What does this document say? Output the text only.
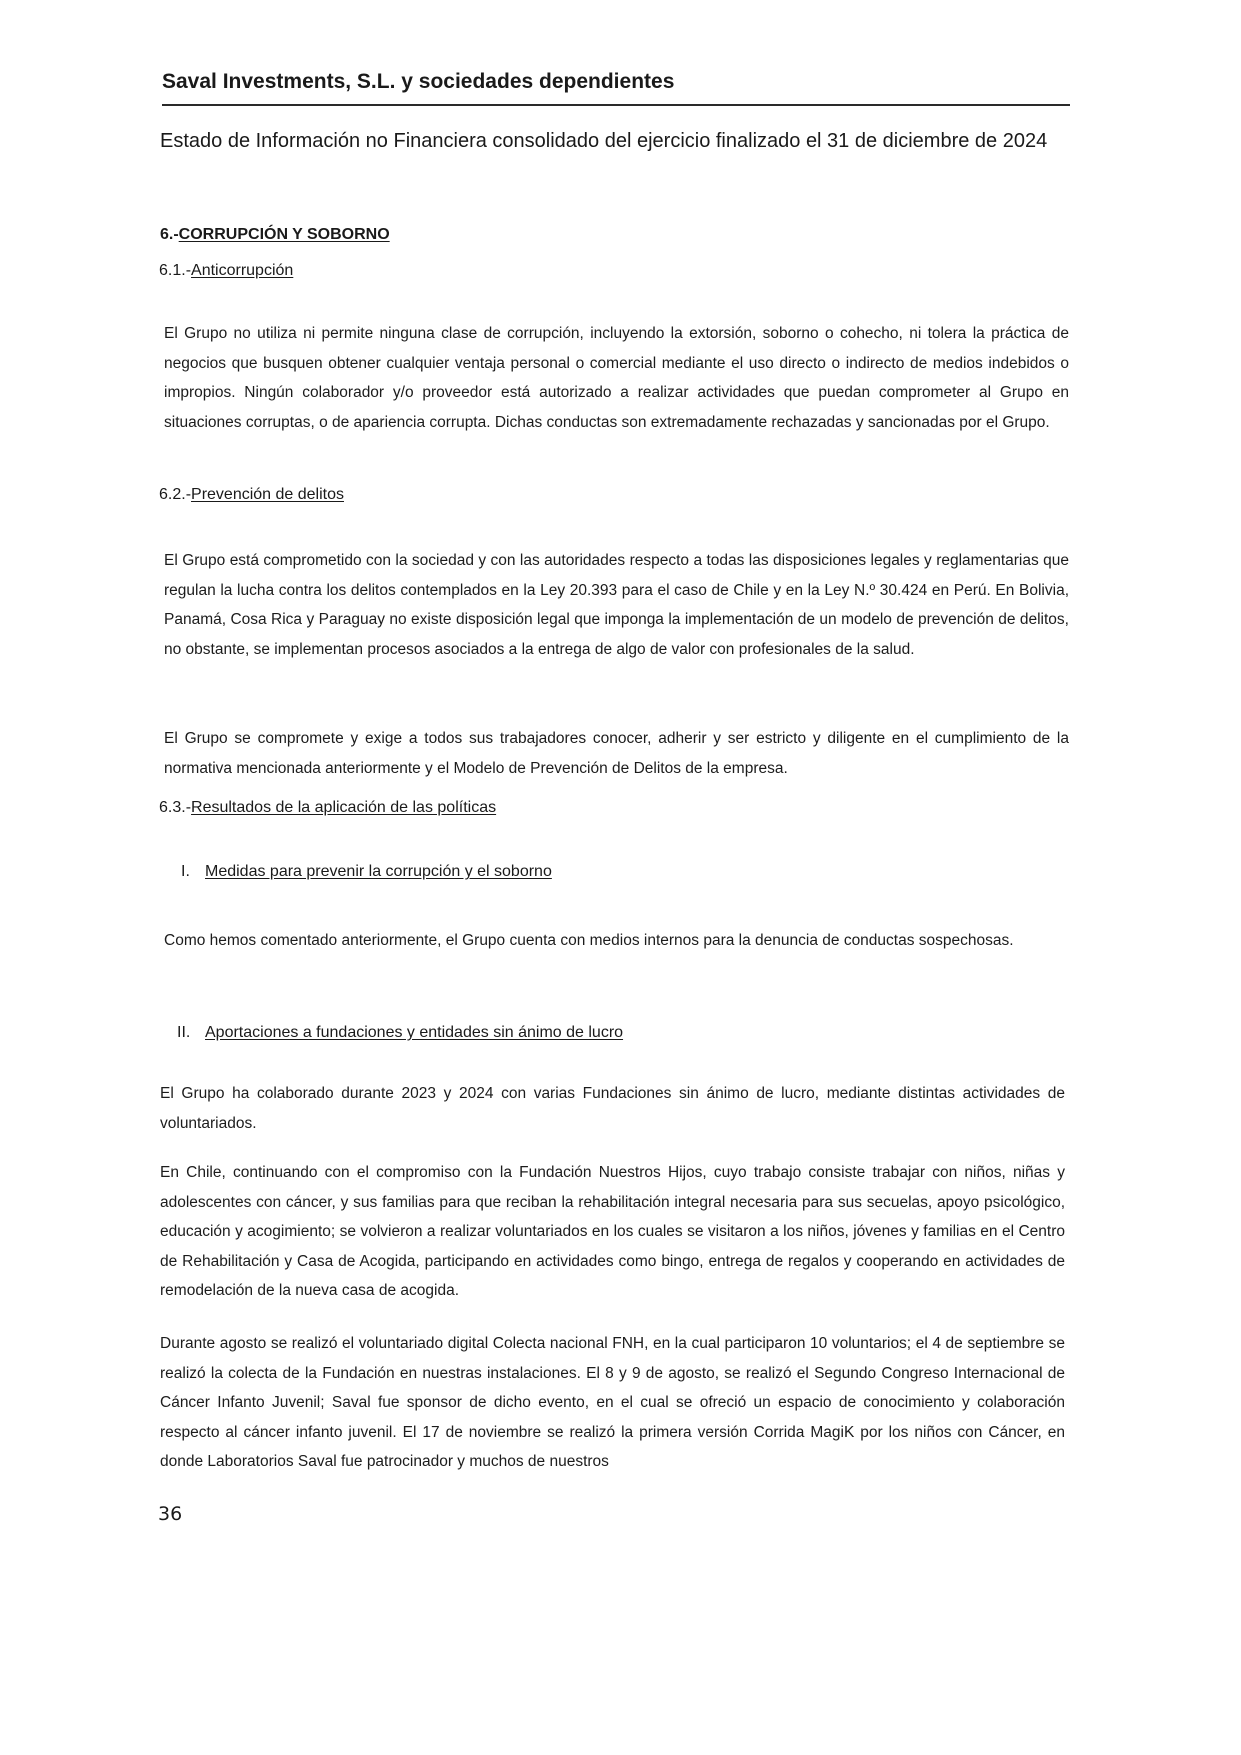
Saval Investments, S.L. y sociedades dependientes
Estado de Información no Financiera consolidado del ejercicio finalizado el 31 de diciembre de 2024
6.-CORRUPCIÓN Y SOBORNO
6.1.-Anticorrupción
El Grupo no utiliza ni permite ninguna clase de corrupción, incluyendo la extorsión, soborno o cohecho, ni tolera la práctica de negocios que busquen obtener cualquier ventaja personal o comercial mediante el uso directo o indirecto de medios indebidos o impropios. Ningún colaborador y/o proveedor está autorizado a realizar actividades que puedan comprometer al Grupo en situaciones corruptas, o de apariencia corrupta. Dichas conductas son extremadamente rechazadas y sancionadas por el Grupo.
6.2.-Prevención de delitos
El Grupo está comprometido con la sociedad y con las autoridades respecto a todas las disposiciones legales y reglamentarias que regulan la lucha contra los delitos contemplados en la Ley 20.393 para el caso de Chile y en la Ley N.º 30.424 en Perú. En Bolivia, Panamá, Cosa Rica y Paraguay no existe disposición legal que imponga la implementación de un modelo de prevención de delitos, no obstante, se implementan procesos asociados a la entrega de algo de valor con profesionales de la salud.
El Grupo se compromete y exige a todos sus trabajadores conocer, adherir y ser estricto y diligente en el cumplimiento de la normativa mencionada anteriormente y el Modelo de Prevención de Delitos de la empresa.
6.3.-Resultados de la aplicación de las políticas
I. Medidas para prevenir la corrupción y el soborno
Como hemos comentado anteriormente, el Grupo cuenta con medios internos para la denuncia de conductas sospechosas.
II. Aportaciones a fundaciones y entidades sin ánimo de lucro
El Grupo ha colaborado durante 2023 y 2024 con varias Fundaciones sin ánimo de lucro, mediante distintas actividades de voluntariados.
En Chile, continuando con el compromiso con la Fundación Nuestros Hijos, cuyo trabajo consiste trabajar con niños, niñas y adolescentes con cáncer, y sus familias para que reciban la rehabilitación integral necesaria para sus secuelas, apoyo psicológico, educación y acogimiento; se volvieron a realizar voluntariados en los cuales se visitaron a los niños, jóvenes y familias en el Centro de Rehabilitación y Casa de Acogida, participando en actividades como bingo, entrega de regalos y cooperando en actividades de remodelación de la nueva casa de acogida.
Durante agosto se realizó el voluntariado digital Colecta nacional FNH, en la cual participaron 10 voluntarios; el 4 de septiembre se realizó la colecta de la Fundación en nuestras instalaciones. El 8 y 9 de agosto, se realizó el Segundo Congreso Internacional de Cáncer Infanto Juvenil; Saval fue sponsor de dicho evento, en el cual se ofreció un espacio de conocimiento y colaboración respecto al cáncer infanto juvenil. El 17 de noviembre se realizó la primera versión Corrida MagiK por los niños con Cáncer, en donde Laboratorios Saval fue patrocinador y muchos de nuestros
36
